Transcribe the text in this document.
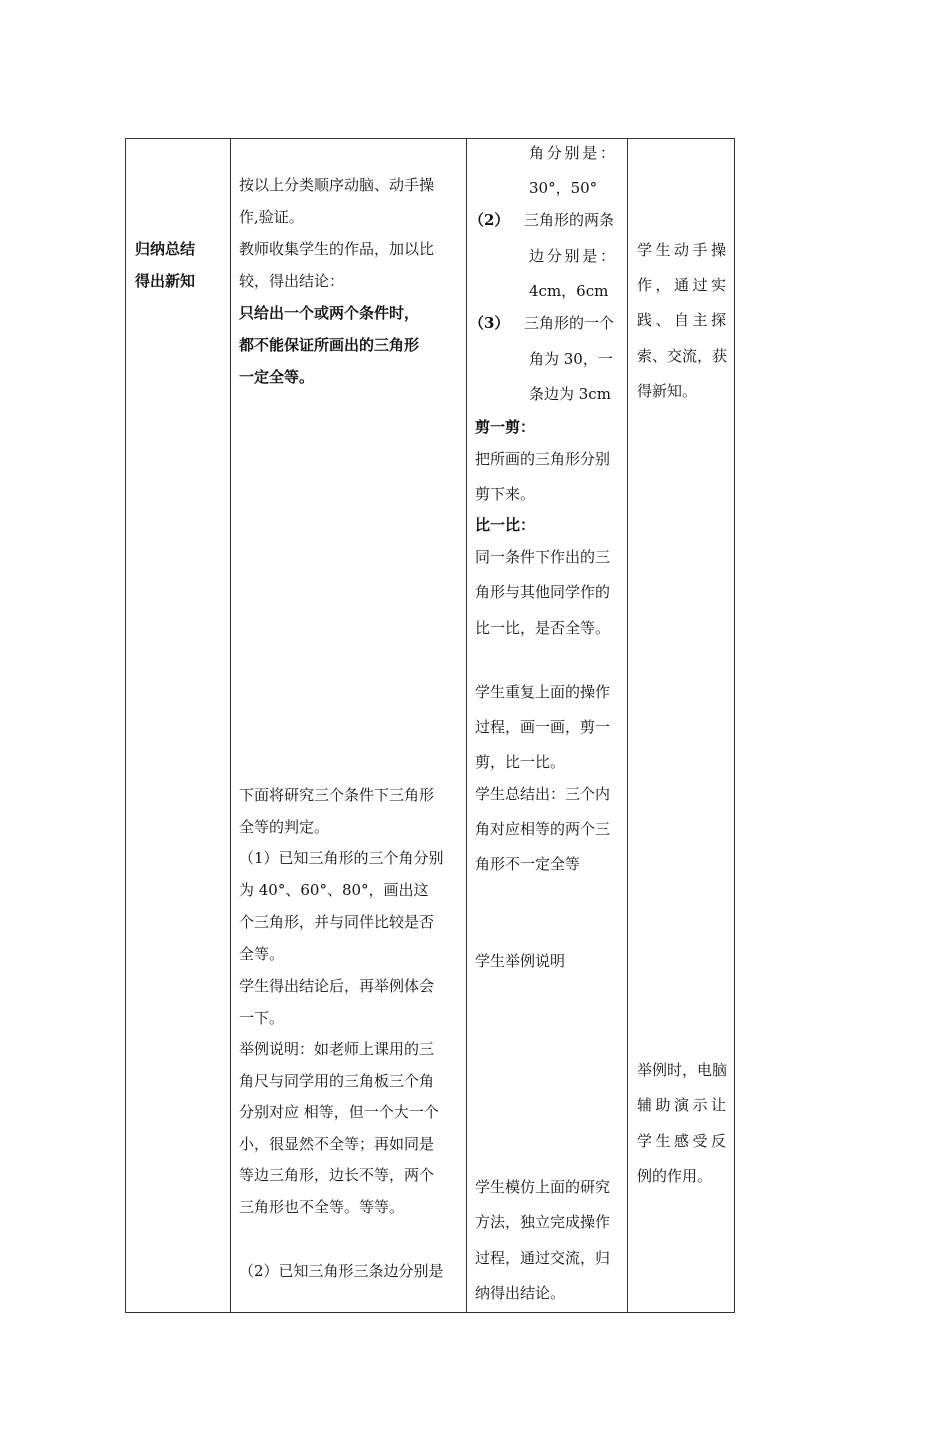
归纳总结
得出新知
按以上分类顺序动脑、动手操
作,验证。
教师收集学生的作品，加以比
较，得出结论：
只给出一个或两个条件时，
都不能保证所画出的三角形
一定全等。
下面将研究三个条件下三角形
全等的判定。
（1）已知三角形的三个角分别
为 40°、60°、80°，画出这
个三角形，并与同伴比较是否
全等。
学生得出结论后，再举例体会
一下。
举例说明：如老师上课用的三
角尺与同学用的三角板三个角
分别对应 相等，但一个大一个
小，很显然不全等；再如同是
等边三角形，边长不等，两个
三角形也不全等。等等。
（2）已知三角形三条边分别是
角分别是：
30°，50°
（2） 三角形的两条
边分别是：
4cm，6cm
（3） 三角形的一个
角为 30，一
条边为 3cm
剪一剪：
把所画的三角形分别
剪下来。
比一比：
同一条件下作出的三
角形与其他同学作的
比一比，是否全等。
学生重复上面的操作
过程，画一画，剪一
剪，比一比。
学生总结出：三个内
角对应相等的两个三
角形不一定全等
学生举例说明
学生模仿上面的研究
方法，独立完成操作
过程，通过交流，归
纳得出结论。
学生动手操
作，通过实
践、自主探
索、交流，获
得新知。
举例时，电脑
辅助演示让
学生感受反
例的作用。
